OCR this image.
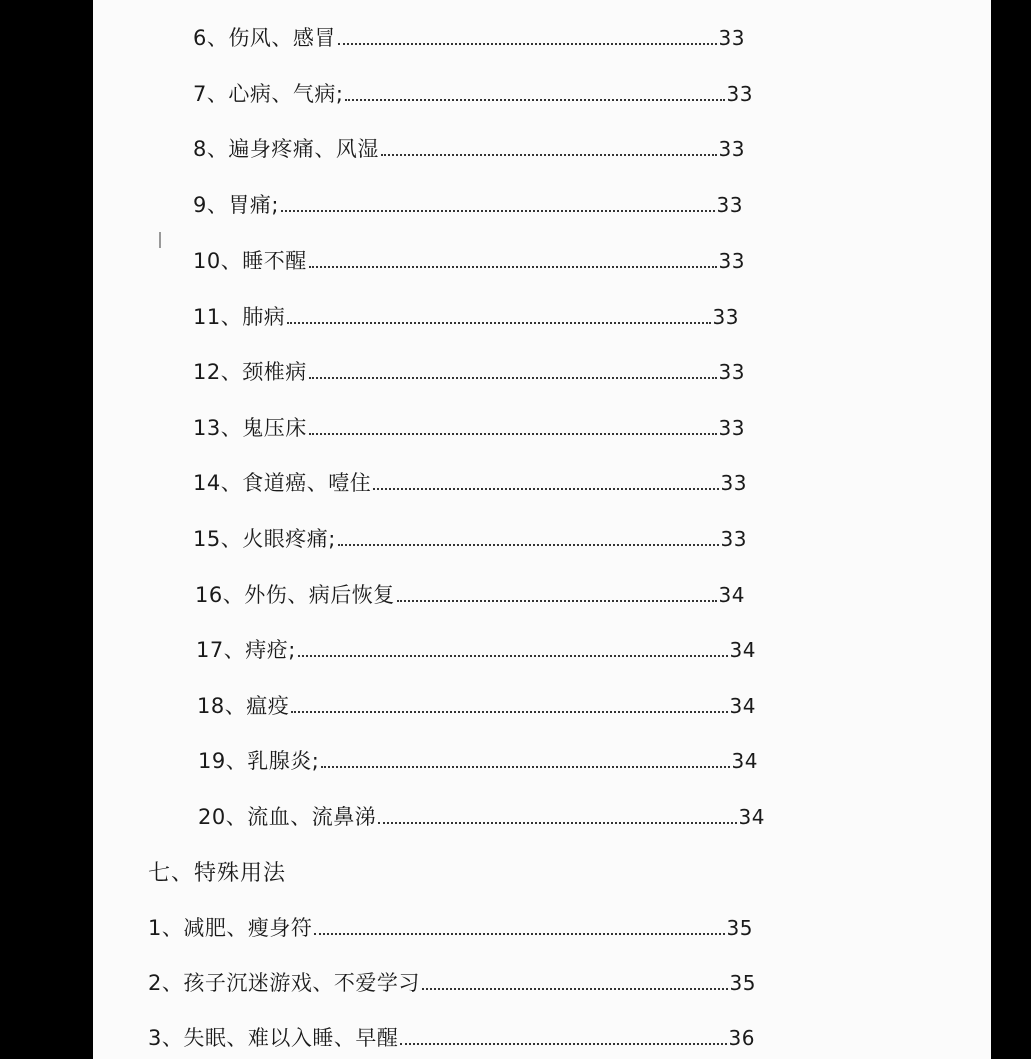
6、伤风、感冒	33
7、心病、气病;	33
8、遍身疼痛、风湿	33
9、胃痛;	33
10、睡不醒	33
11、肺病	33
12、颈椎病	33
13、鬼压床	33
14、食道癌、噎住	33
15、火眼疼痛;	33
16、外伤、病后恢复	34
17、痔疮;	34
18、瘟疫	34
19、乳腺炎;	34
20、流血、流鼻涕	34
七、特殊用法
1、减肥、瘦身符	35
2、孩子沉迷游戏、不爱学习	35
3、失眠、难以入睡、早醒	36
